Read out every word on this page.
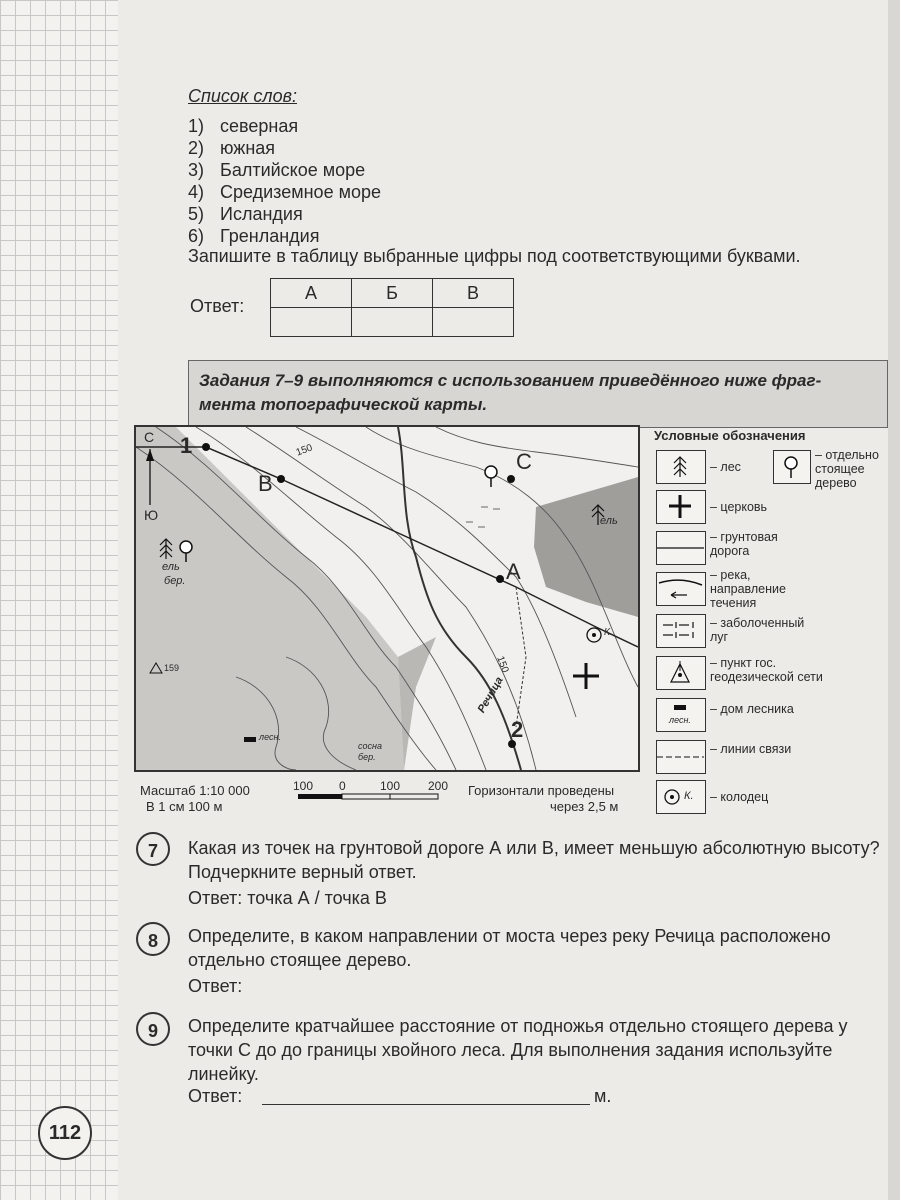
Список слов:
1) северная
2) южная
3) Балтийское море
4) Средиземное море
5) Исландия
6) Гренландия
Запишите в таблицу выбранные цифры под соответствующими буквами.
Ответ:
А	Б	В

Задания 7–9 выполняются с использованием приведённого ниже фраг-
мента топографической карты.
1
В
А
2
С
С
Ю
150
150
Речица
159
ель
бер.
ель
лесн.
сосна
бер.
К.
Условные обозначения
– лес
– отдельно стоящее дерево
– церковь
– грунтовая дорога
– река, направление течения
– заболоченный луг
– пункт гос. геодезической сети
лесн.
– дом лесника
– линии связи
К. – колодец
Масштаб 1:10 000
В 1 см 100 м
100 0	100 200 Горизонтали проведены
через 2,5 м
7	Какая из точек на грунтовой дороге А или В, имеет меньшую абсолютную высоту? Подчеркните верный ответ.
Ответ: точка А / точка В
8	Определите, в каком направлении от моста через реку Речица расположено отдельно стоящее дерево.
Ответ:
9	Определите кратчайшее расстояние от подножья отдельно стоящего дерева у точки С до до границы хвойного леса. Для выполнения задания используйте линейку.
Ответ:	м.
112
